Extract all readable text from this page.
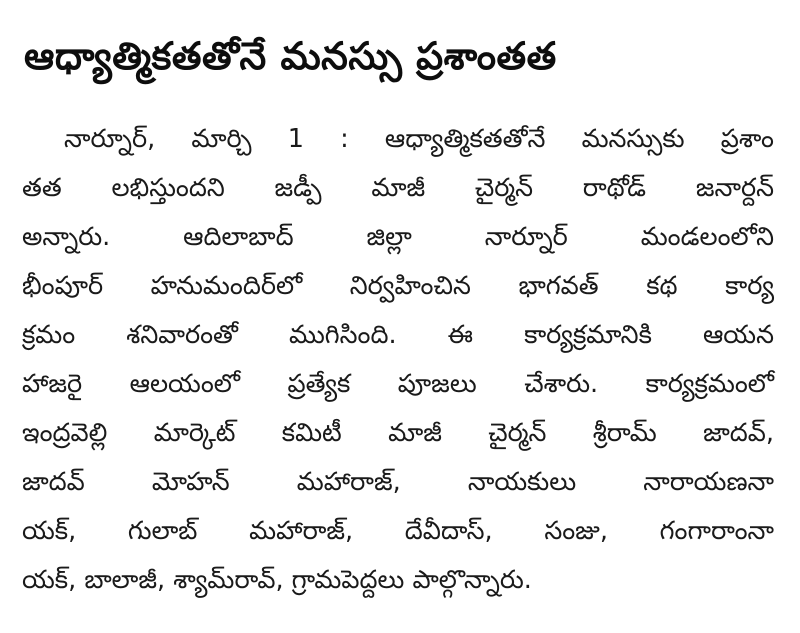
ఆధ్యాత్మికతతోనే మనస్సు ప్రశాంతత
నార్నూర్, మార్చి 1 : ఆధ్యాత్మికతతోనే మనస్సుకు ప్రశాం
తత లభిస్తుందని జడ్పీ మాజీ చైర్మన్ రాథోడ్ జనార్దన్
అన్నారు. ఆదిలాబాద్ జిల్లా నార్నూర్ మండలంలోని
భీంపూర్ హనుమందిర్‌లో నిర్వహించిన భాగవత్ కథ కార్య
క్రమం శనివారంతో ముగిసింది. ఈ కార్యక్రమానికి ఆయన
హాజరై ఆలయంలో ప్రత్యేక పూజలు చేశారు. కార్యక్రమంలో
ఇంద్రవెల్లి మార్కెట్ కమిటీ మాజీ చైర్మన్ శ్రీరామ్ జాదవ్,
జాదవ్ మోహన్ మహారాజ్, నాయకులు నారాయణనా
యక్, గులాబ్ మహారాజ్, దేవీదాస్, సంజు, గంగారాంనా
యక్, బాలాజీ, శ్యామ్‌రావ్, గ్రామపెద్దలు పాల్గొన్నారు.
